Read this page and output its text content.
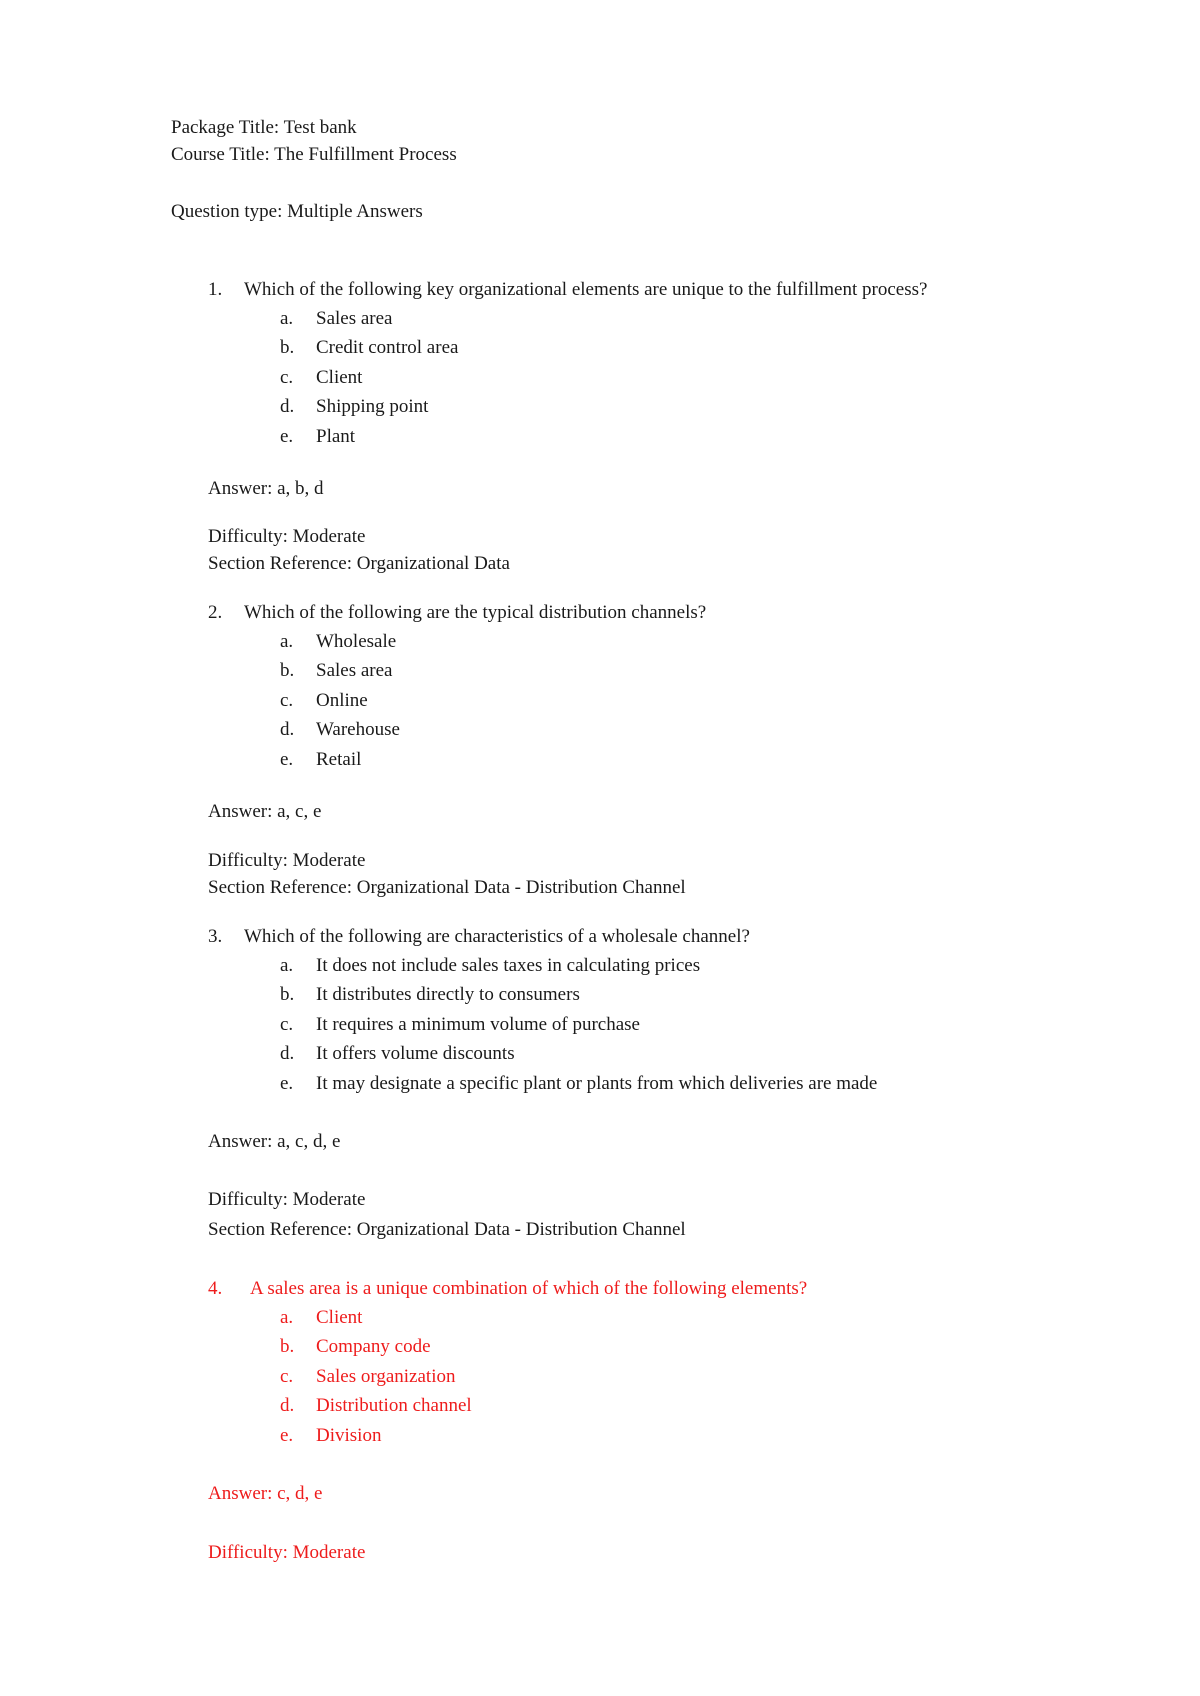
Package Title: Test bank
Course Title: The Fulfillment Process
Question type: Multiple Answers
1. Which of the following key organizational elements are unique to the fulfillment process?
a. Sales area
b. Credit control area
c. Client
d. Shipping point
e. Plant
Answer: a, b, d
Difficulty: Moderate
Section Reference: Organizational Data
2. Which of the following are the typical distribution channels?
a. Wholesale
b. Sales area
c. Online
d. Warehouse
e. Retail
Answer: a, c, e
Difficulty: Moderate
Section Reference: Organizational Data - Distribution Channel
3. Which of the following are characteristics of a wholesale channel?
a. It does not include sales taxes in calculating prices
b. It distributes directly to consumers
c. It requires a minimum volume of purchase
d. It offers volume discounts
e. It may designate a specific plant or plants from which deliveries are made
Answer: a, c, d, e
Difficulty: Moderate
Section Reference: Organizational Data - Distribution Channel
4. A sales area is a unique combination of which of the following elements?
a. Client
b. Company code
c. Sales organization
d. Distribution channel
e. Division
Answer: c, d, e
Difficulty: Moderate
